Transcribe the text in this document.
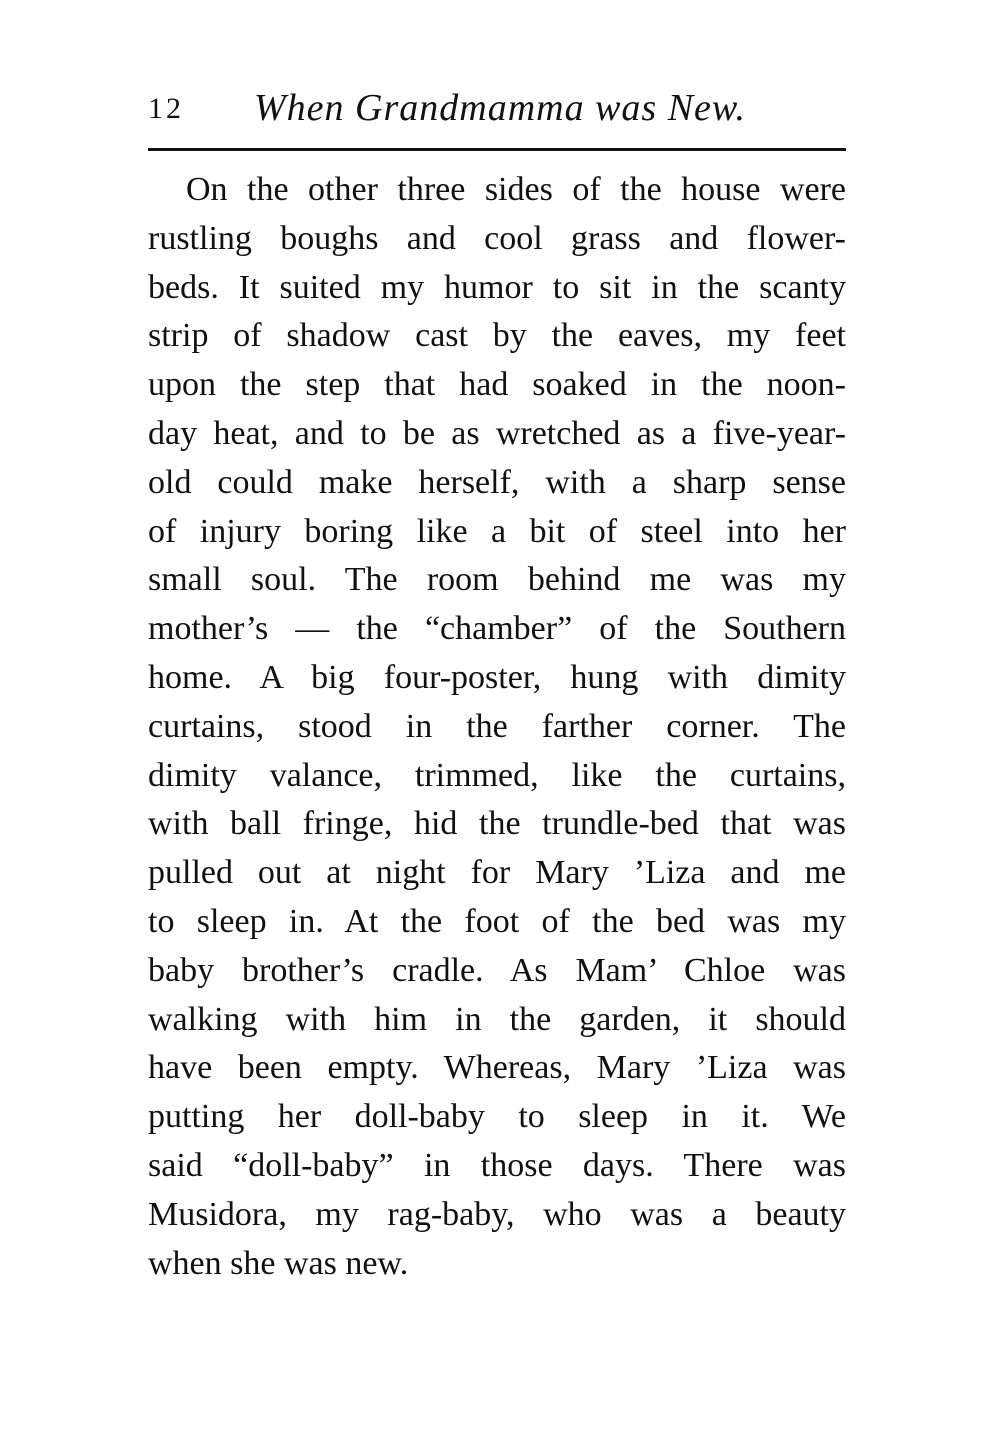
12 When Grandmamma was New.
On the other three sides of the house were
rustling boughs and cool grass and flower-
beds. It suited my humor to sit in the scanty
strip of shadow cast by the eaves, my feet
upon the step that had soaked in the noon-
day heat, and to be as wretched as a five-year-
old could make herself, with a sharp sense
of injury boring like a bit of steel into her
small soul. The room behind me was my
mother’s — the “chamber” of the Southern
home. A big four-poster, hung with dimity
curtains, stood in the farther corner. The
dimity valance, trimmed, like the curtains,
with ball fringe, hid the trundle-bed that was
pulled out at night for Mary ’Liza and me
to sleep in. At the foot of the bed was my
baby brother’s cradle. As Mam’ Chloe was
walking with him in the garden, it should
have been empty. Whereas, Mary ’Liza was
putting her doll-baby to sleep in it. We
said “doll-baby” in those days. There was
Musidora, my rag-baby, who was a beauty
when she was new.
